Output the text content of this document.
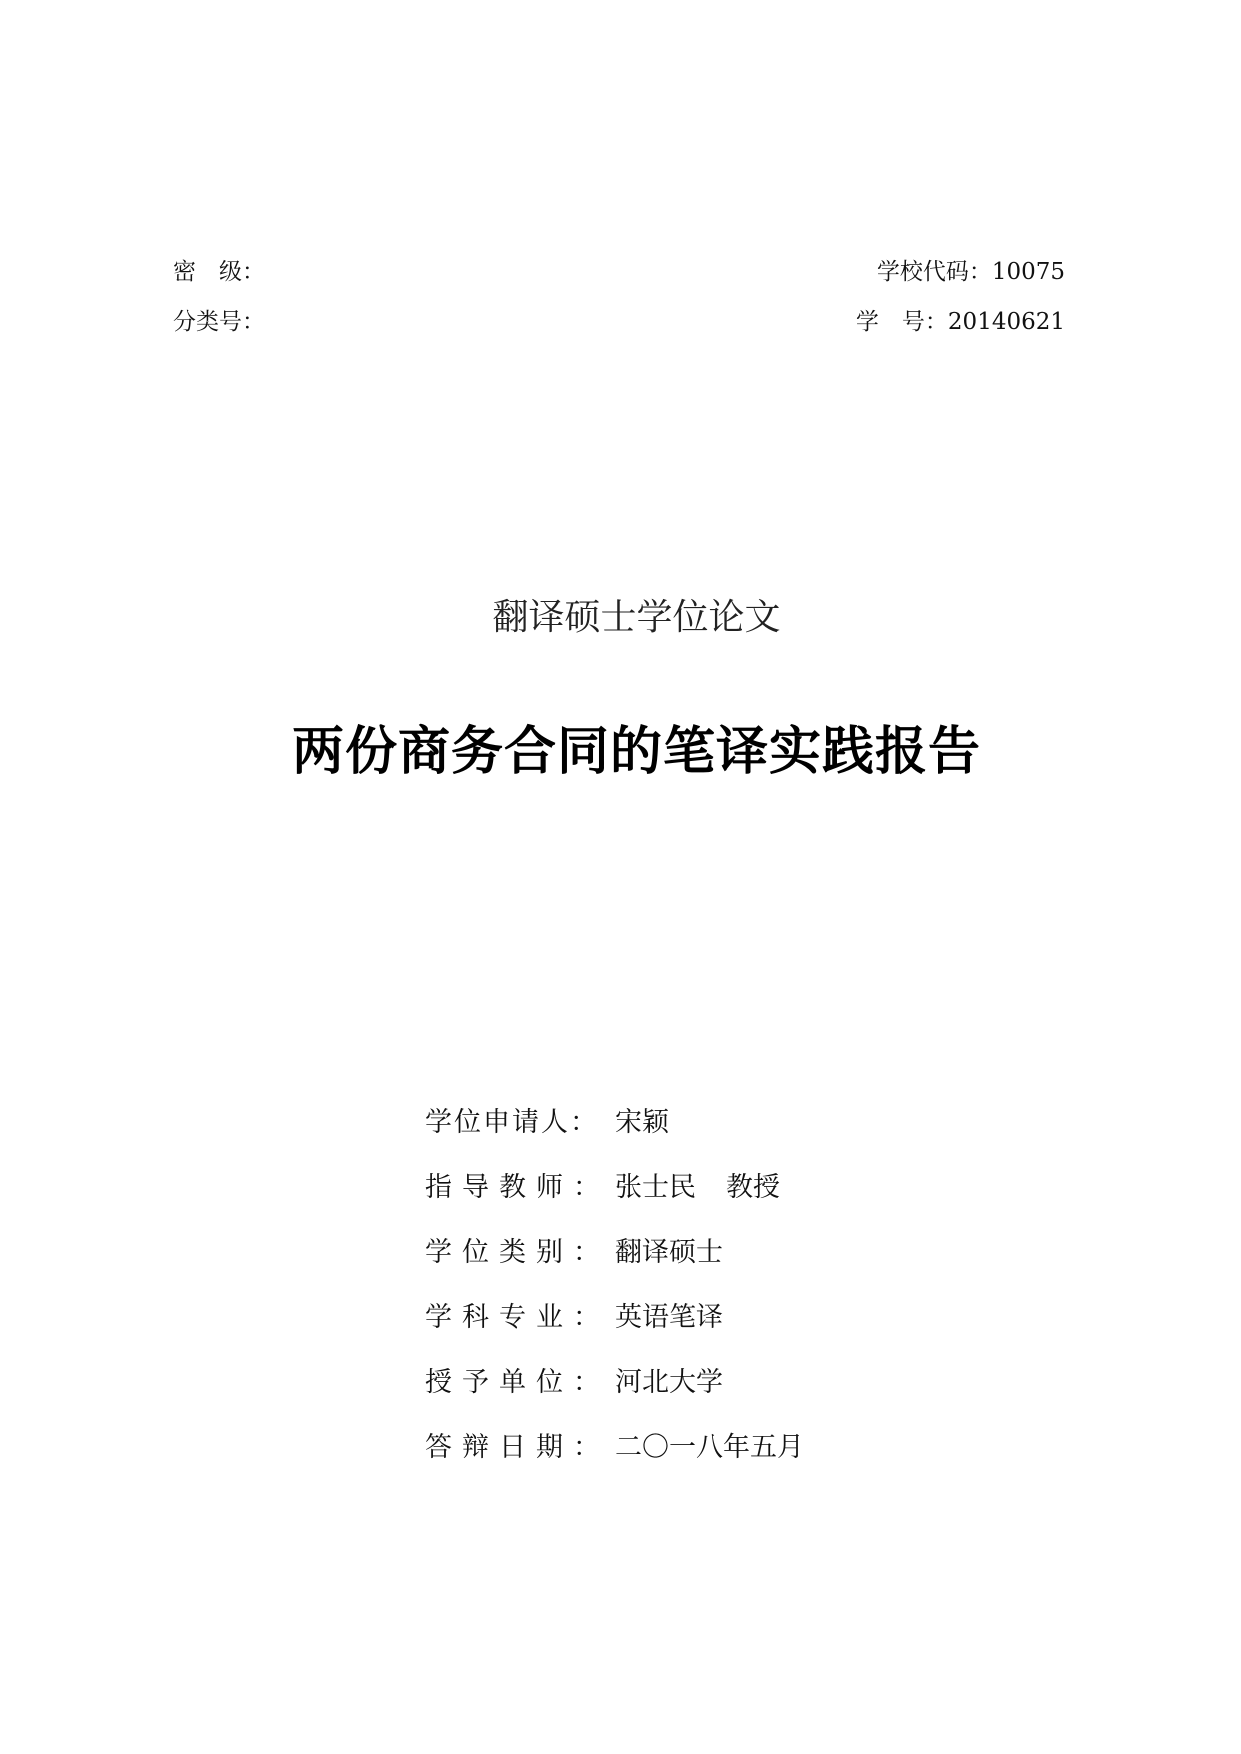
密　级：	学校代码：10075
分类号：	学　号：20140621
翻译硕士学位论文
两份商务合同的笔译实践报告
学位申请人： 宋颖
指导教师： 张士民 教授
学位类别： 翻译硕士
学科专业： 英语笔译
授予单位： 河北大学
答辩日期： 二〇一八年五月
